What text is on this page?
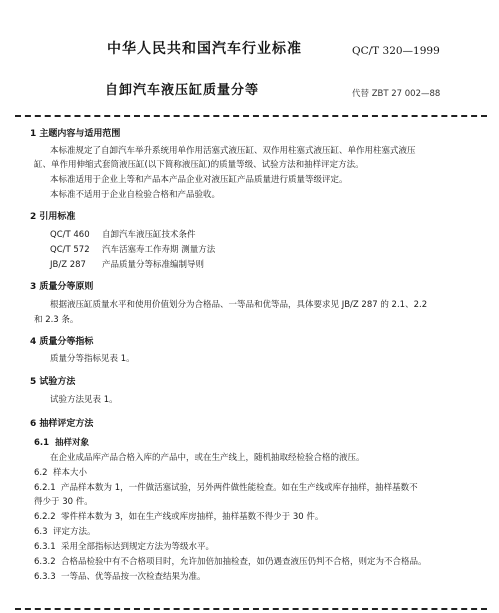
中华人民共和国汽车行业标准	QC/T 320—1999
自卸汽车液压缸质量分等	代替 ZBT 27 002—88
1 主题内容与适用范围
本标准规定了自卸汽车举升系统用单作用活塞式液压缸、双作用柱塞式液压缸、单作用柱塞式液压
缸、单作用伸缩式套筒液压缸(以下简称液压缸)的质量等级、试验方法和抽样评定方法。
本标准适用于企业上等和产品本产品企业对液压缸产品质量进行质量等级评定。
本标准不适用于企业自检验合格和产品验收。
2 引用标准
QC/T 460 自卸汽车液压缸技术条件
QC/T 572 汽车活塞寿工作寿期 测量方法
JB/Z 287 产品质量分等标准编制导则
3 质量分等原则
根据液压缸质量水平和使用价值划分为合格品、一等品和优等品，具体要求见 JB/Z 287 的 2.1、2.2
和 2.3 条。
4 质量分等指标
质量分等指标见表 1。
5 试验方法
试验方法见表 1。
6 抽样评定方法
6.1 抽样对象
在企业成品库产品合格入库的产品中，或在生产线上，随机抽取经检验合格的液压。
6.2 样本大小
6.2.1 产品样本数为 1，一件做活塞试验，另外两件做性能检查。如在生产线或库存抽样，抽样基数不
得少于 30 件。
6.2.2 零件样本数为 3，如在生产线或库房抽样，抽样基数不得少于 30 件。
6.3 评定方法。
6.3.1 采用全部指标达到规定方法为等级水平。
6.3.2 合格品检验中有不合格项目时，允许加倍加抽检查，如仍遇查液压仍判不合格，则定为不合格品。
6.3.3 一等品、优等品按一次检查结果为准。
